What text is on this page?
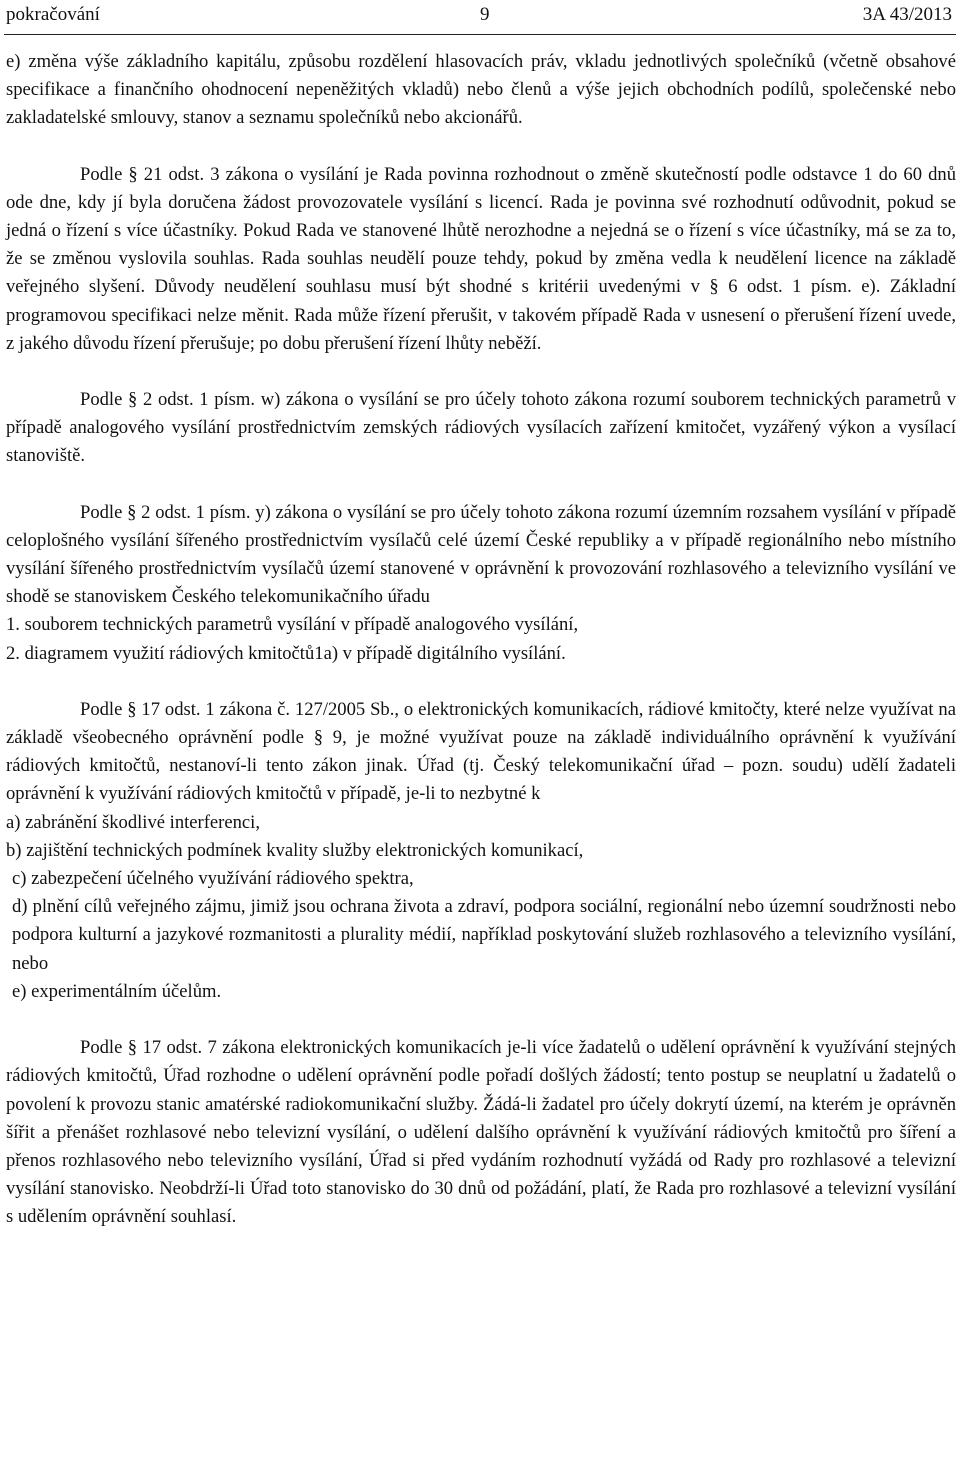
pokračování	9	3A 43/2013

e) změna výše základního kapitálu, způsobu rozdělení hlasovacích práv, vkladu jednotlivých společníků (včetně obsahové specifikace a finančního ohodnocení nepeněžitých vkladů) nebo členů a výše jejich obchodních podílů, společenské nebo zakladatelské smlouvy, stanov a seznamu společníků nebo akcionářů.

Podle § 21 odst. 3 zákona o vysílání je Rada povinna rozhodnout o změně skutečností podle odstavce 1 do 60 dnů ode dne, kdy jí byla doručena žádost provozovatele vysílání s licencí. Rada je povinna své rozhodnutí odůvodnit, pokud se jedná o řízení s více účastníky. Pokud Rada ve stanovené lhůtě nerozhodne a nejedná se o řízení s více účastníky, má se za to, že se změnou vyslovila souhlas. Rada souhlas neudělí pouze tehdy, pokud by změna vedla k neudělení licence na základě veřejného slyšení. Důvody neudělení souhlasu musí být shodné s kritérii uvedenými v § 6 odst. 1 písm. e). Základní programovou specifikaci nelze měnit. Rada může řízení přerušit, v takovém případě Rada v usnesení o přerušení řízení uvede, z jakého důvodu řízení přerušuje; po dobu přerušení řízení lhůty neběží.

Podle § 2 odst. 1 písm. w) zákona o vysílání se pro účely tohoto zákona rozumí souborem technických parametrů v případě analogového vysílání prostřednictvím zemských rádiových vysílacích zařízení kmitočet, vyzářený výkon a vysílací stanoviště.

Podle § 2 odst. 1 písm. y) zákona o vysílání se pro účely tohoto zákona rozumí územním rozsahem vysílání v případě celoplošného vysílání šířeného prostřednictvím vysílačů celé území České republiky a v případě regionálního nebo místního vysílání šířeného prostřednictvím vysílačů území stanovené v oprávnění k provozování rozhlasového a televizního vysílání ve shodě se stanoviskem Českého telekomunikačního úřadu

1. souborem technických parametrů vysílání v případě analogového vysílání,

2. diagramem využití rádiových kmitočtů1a) v případě digitálního vysílání.

Podle § 17 odst. 1 zákona č. 127/2005 Sb., o elektronických komunikacích, rádiové kmitočty, které nelze využívat na základě všeobecného oprávnění podle § 9, je možné využívat pouze na základě individuálního oprávnění k využívání rádiových kmitočtů, nestanoví-li tento zákon jinak. Úřad (tj. Český telekomunikační úřad – pozn. soudu) udělí žadateli oprávnění k využívání rádiových kmitočtů v případě, je-li to nezbytné k

a) zabránění škodlivé interferenci,

b) zajištění technických podmínek kvality služby elektronických komunikací,

c) zabezpečení účelného využívání rádiového spektra,

d) plnění cílů veřejného zájmu, jimiž jsou ochrana života a zdraví, podpora sociální, regionální nebo územní soudržnosti nebo podpora kulturní a jazykové rozmanitosti a plurality médií, například poskytování služeb rozhlasového a televizního vysílání, nebo

e) experimentálním účelům.

Podle § 17 odst. 7 zákona elektronických komunikacích je-li více žadatelů o udělení oprávnění k využívání stejných rádiových kmitočtů, Úřad rozhodne o udělení oprávnění podle pořadí došlých žádostí; tento postup se neuplatní u žadatelů o povolení k provozu stanic amatérské radiokomunikační služby. Žádá-li žadatel pro účely dokrytí území, na kterém je oprávněn šířit a přenášet rozhlasové nebo televizní vysílání, o udělení dalšího oprávnění k využívání rádiových kmitočtů pro šíření a přenos rozhlasového nebo televizního vysílání, Úřad si před vydáním rozhodnutí vyžádá od Rady pro rozhlasové a televizní vysílání stanovisko. Neobdrží-li Úřad toto stanovisko do 30 dnů od požádání, platí, že Rada pro rozhlasové a televizní vysílání s udělením oprávnění souhlasí.
